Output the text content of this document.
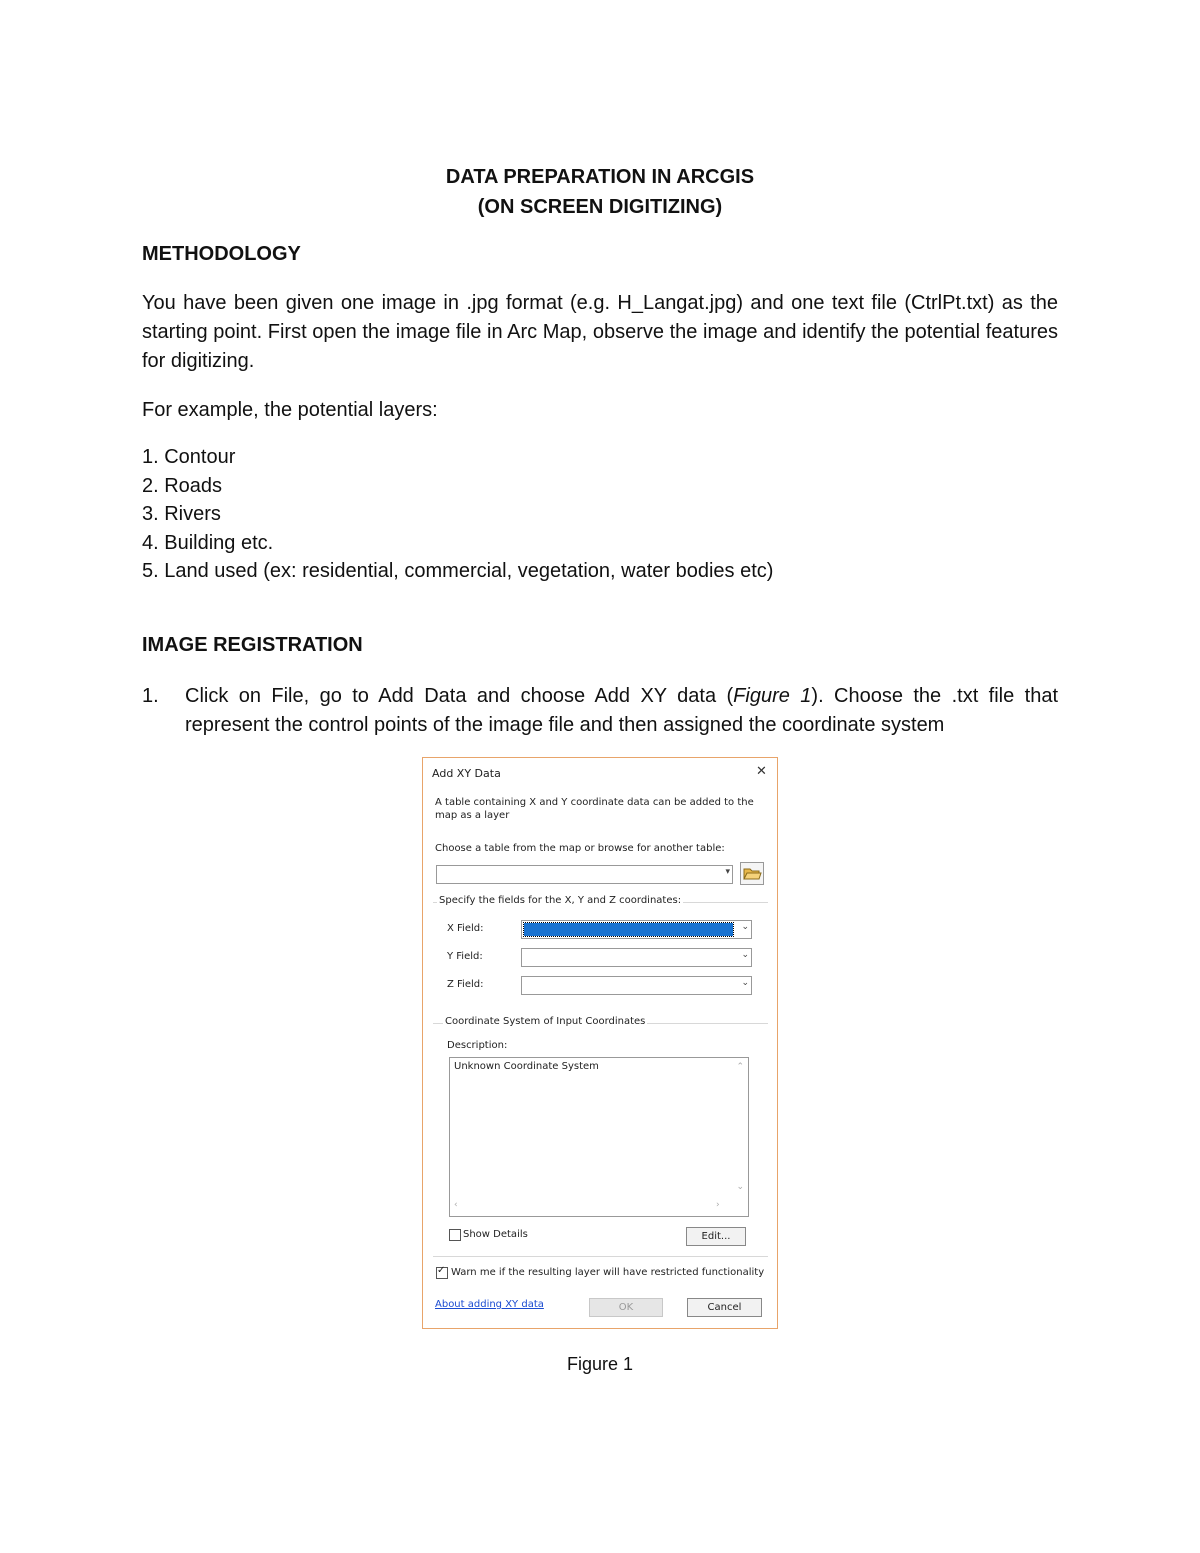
DATA PREPARATION IN ARCGIS
(ON SCREEN DIGITIZING)
METHODOLOGY
You have been given one image in .jpg format (e.g. H_Langat.jpg) and one text file (CtrlPt.txt) as the starting point. First open the image file in Arc Map, observe the image and identify the potential features for digitizing.
For example, the potential layers:
1. Contour
2. Roads
3. Rivers
4. Building etc.
5. Land used (ex: residential, commercial, vegetation, water bodies etc)
IMAGE REGISTRATION
1. Click on File, go to Add Data and choose Add XY data (Figure 1). Choose the .txt file that represent the control points of the image file and then assigned the coordinate system
Add XY Data	✕
A table containing X and Y coordinate data can be added to the
map as a layer
Choose a table from the map or browse for another table:
▾
Specify the fields for the X, Y and Z coordinates:
X Field:	⌄
Y Field:	⌄
Z Field:	⌄
Coordinate System of Input Coordinates
Description:
Unknown Coordinate System	⌃
⌄
‹	›
Show Details	Edit...
✓ Warn me if the resulting layer will have restricted functionality
About adding XY data	OK	Cancel
Figure 1
